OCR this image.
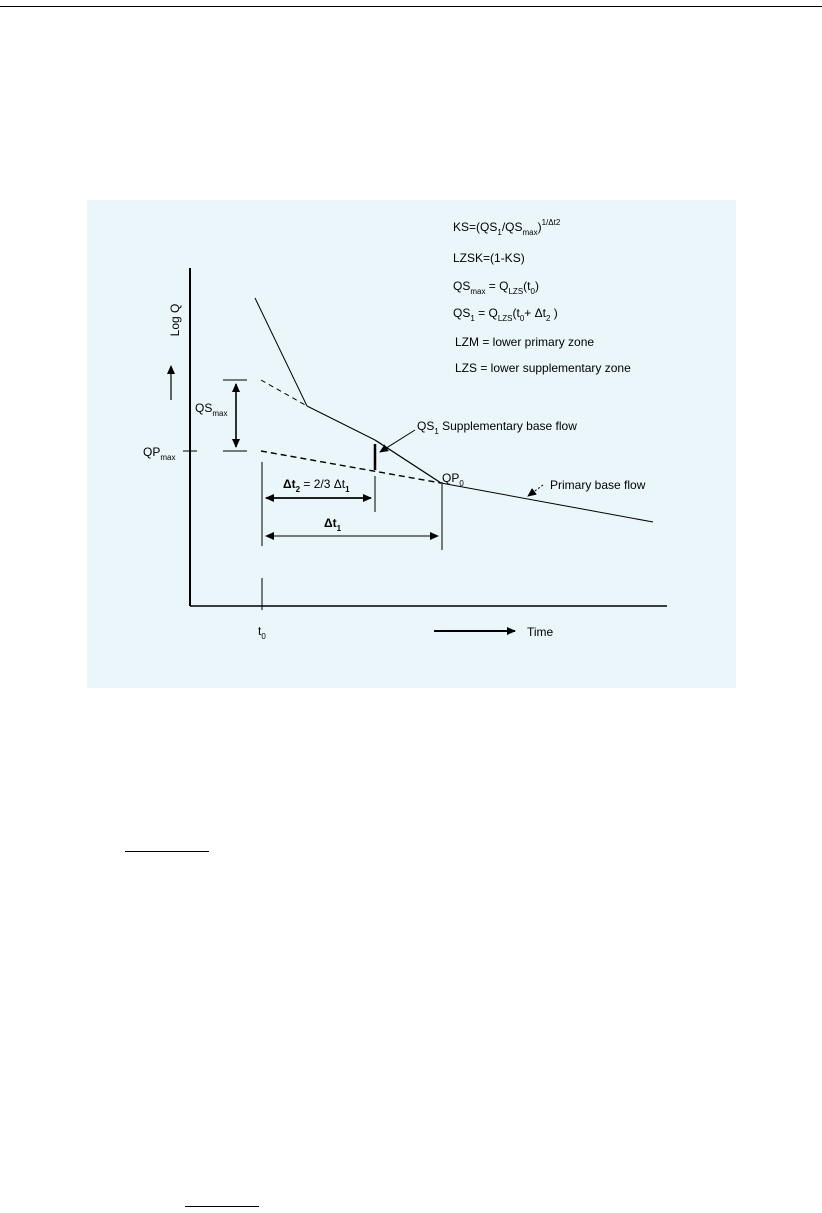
Log Q
$KS=(QS_1/QS_{max})^{1/\Delta t2}$
LZSK=(1-KS)
$QS_{max} = Q_{LZS}(t_0)$
$QS_1 = Q_{LZS}(t_0+ \Delta t_2$ )
LZM = lower primary zone
LZS = lower supplementary zone
$QS_{max}$
$QP_{max}$
$QS_1$ Supplementary base flow
$QP_0$	Primary base flow
$\Delta t_2 = 2/3$ $\Delta t_1$
$\Delta t_1$
$t_0$	Time
